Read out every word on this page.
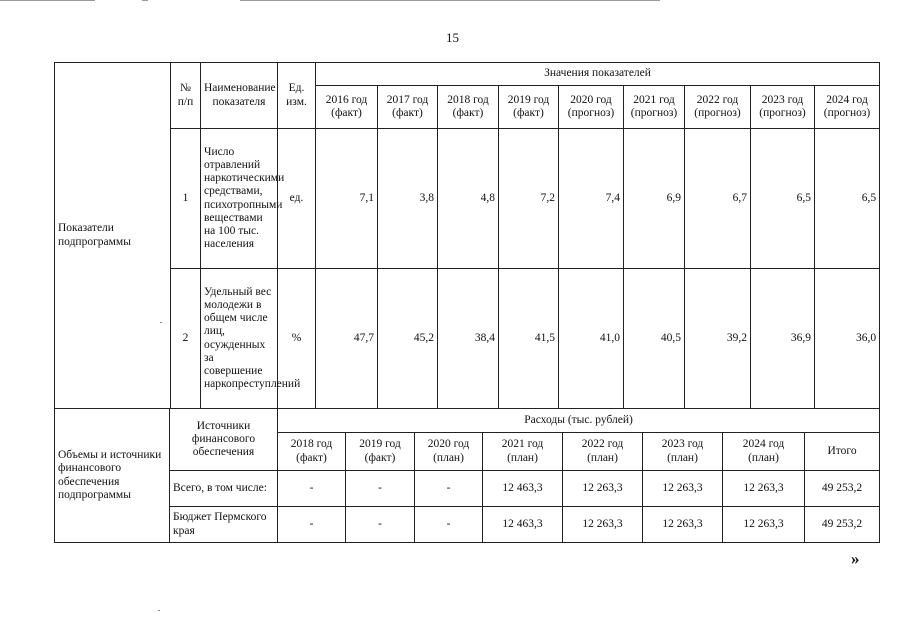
15
Показатели подпрограммы	№ п/п	Наименование показателя	Ед. изм.	Значения показателей								
				2016 год (факт)	2017 год (факт)	2018 год (факт)	2019 год (факт)	2020 год (прогноз)	2021 год (прогноз)	2022 год (прогноз)	2023 год (прогноз)	2024 год (прогноз)
	1	Число отравлений наркотическими средствами, психотропными веществами на 100 тыс. населения	ед.	7,1	3,8	4,8	7,2	7,4	6,9	6,7	6,5	6,5
	2	Удельный вес молодежи в общем числе лиц, осужденных за совершение наркопреступлений	%	47,7	45,2	38,4	41,5	41,0	40,5	39,2	36,9	36,0
Объемы и источники финансового обеспечения подпрограммы	Источники финансового обеспечения	Расходы (тыс. рублей)							
		2018 год (факт)	2019 год (факт)	2020 год (план)	2021 год (план)	2022 год (план)	2023 год (план)	2024 год (план)	Итого
	Всего, в том числе:	-	-	-	12 463,3	12 263,3	12 263,3	12 263,3	49 253,2
	Бюджет Пермского края	-	-	-	12 463,3	12 263,3	12 263,3	12 263,3	49 253,2
»
